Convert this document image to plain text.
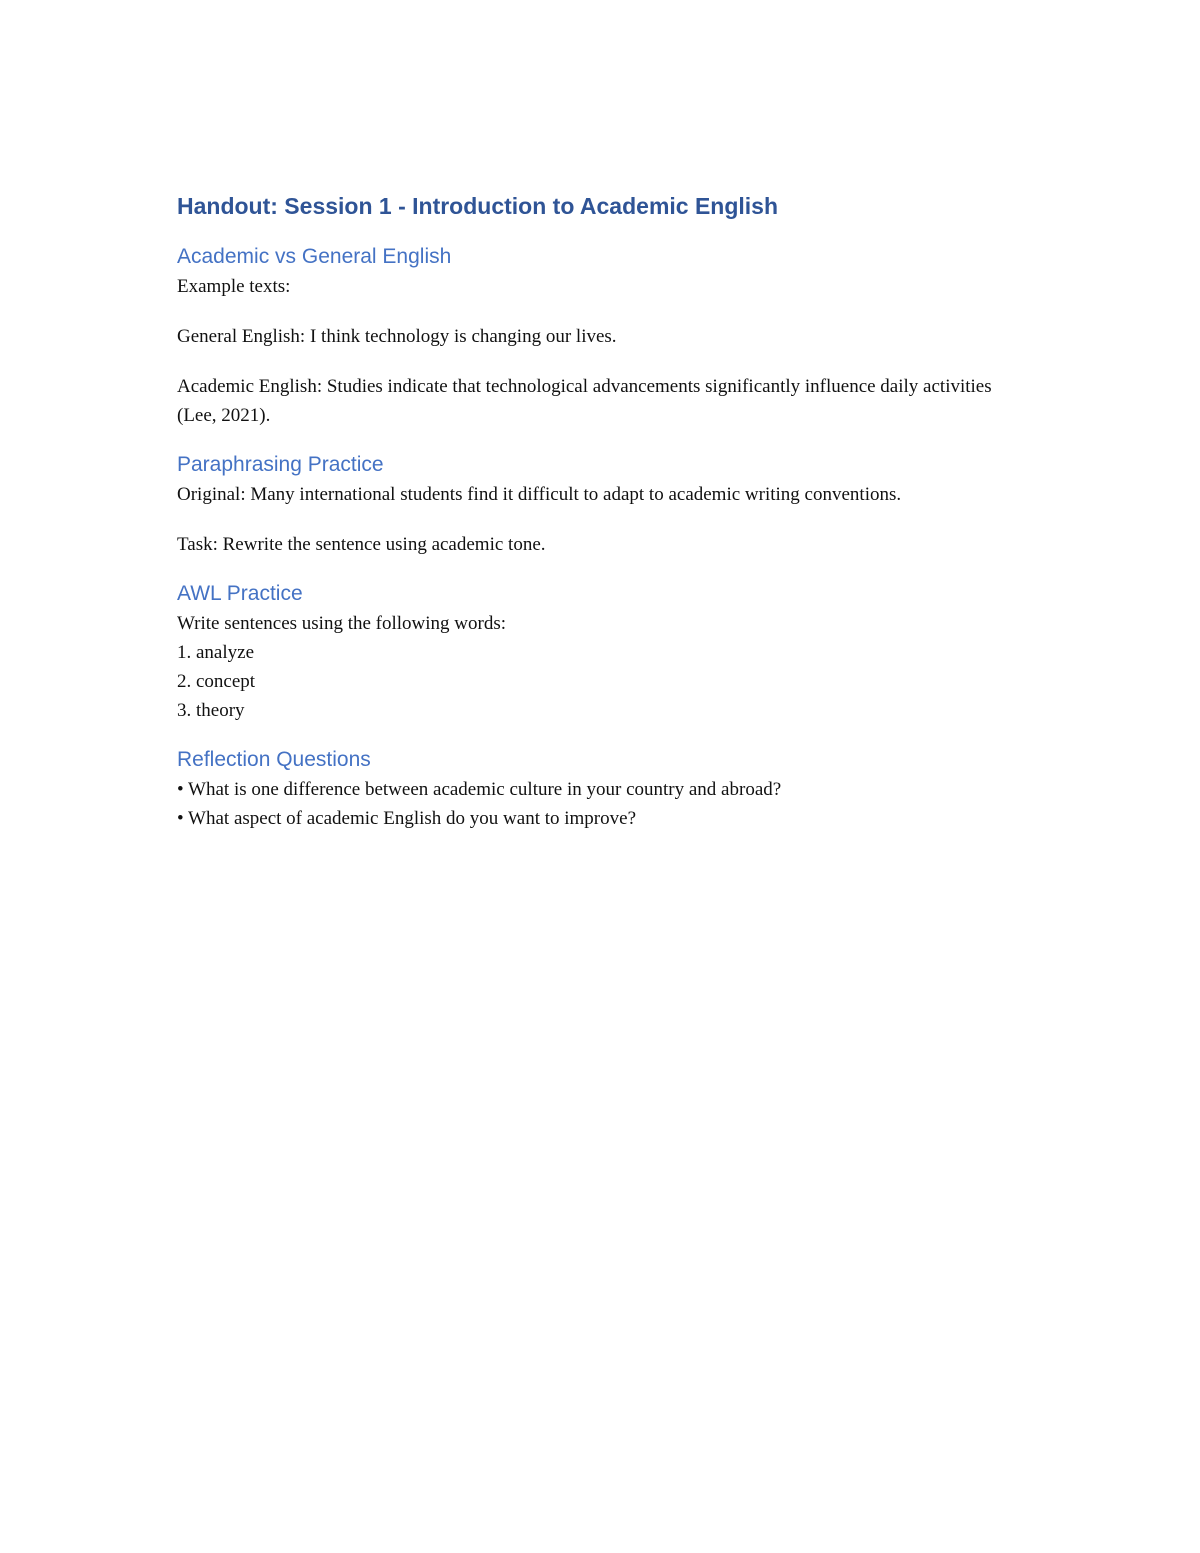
Handout: Session 1 - Introduction to Academic English
Academic vs General English

Example texts:

General English: I think technology is changing our lives.

Academic English: Studies indicate that technological advancements significantly influence daily activities (Lee, 2021).

Paraphrasing Practice

Original: Many international students find it difficult to adapt to academic writing conventions.

Task: Rewrite the sentence using academic tone.

AWL Practice

Write sentences using the following words:

1. analyze
2. concept
3. theory
Reflection Questions
• What is one difference between academic culture in your country and abroad?
• What aspect of academic English do you want to improve?
